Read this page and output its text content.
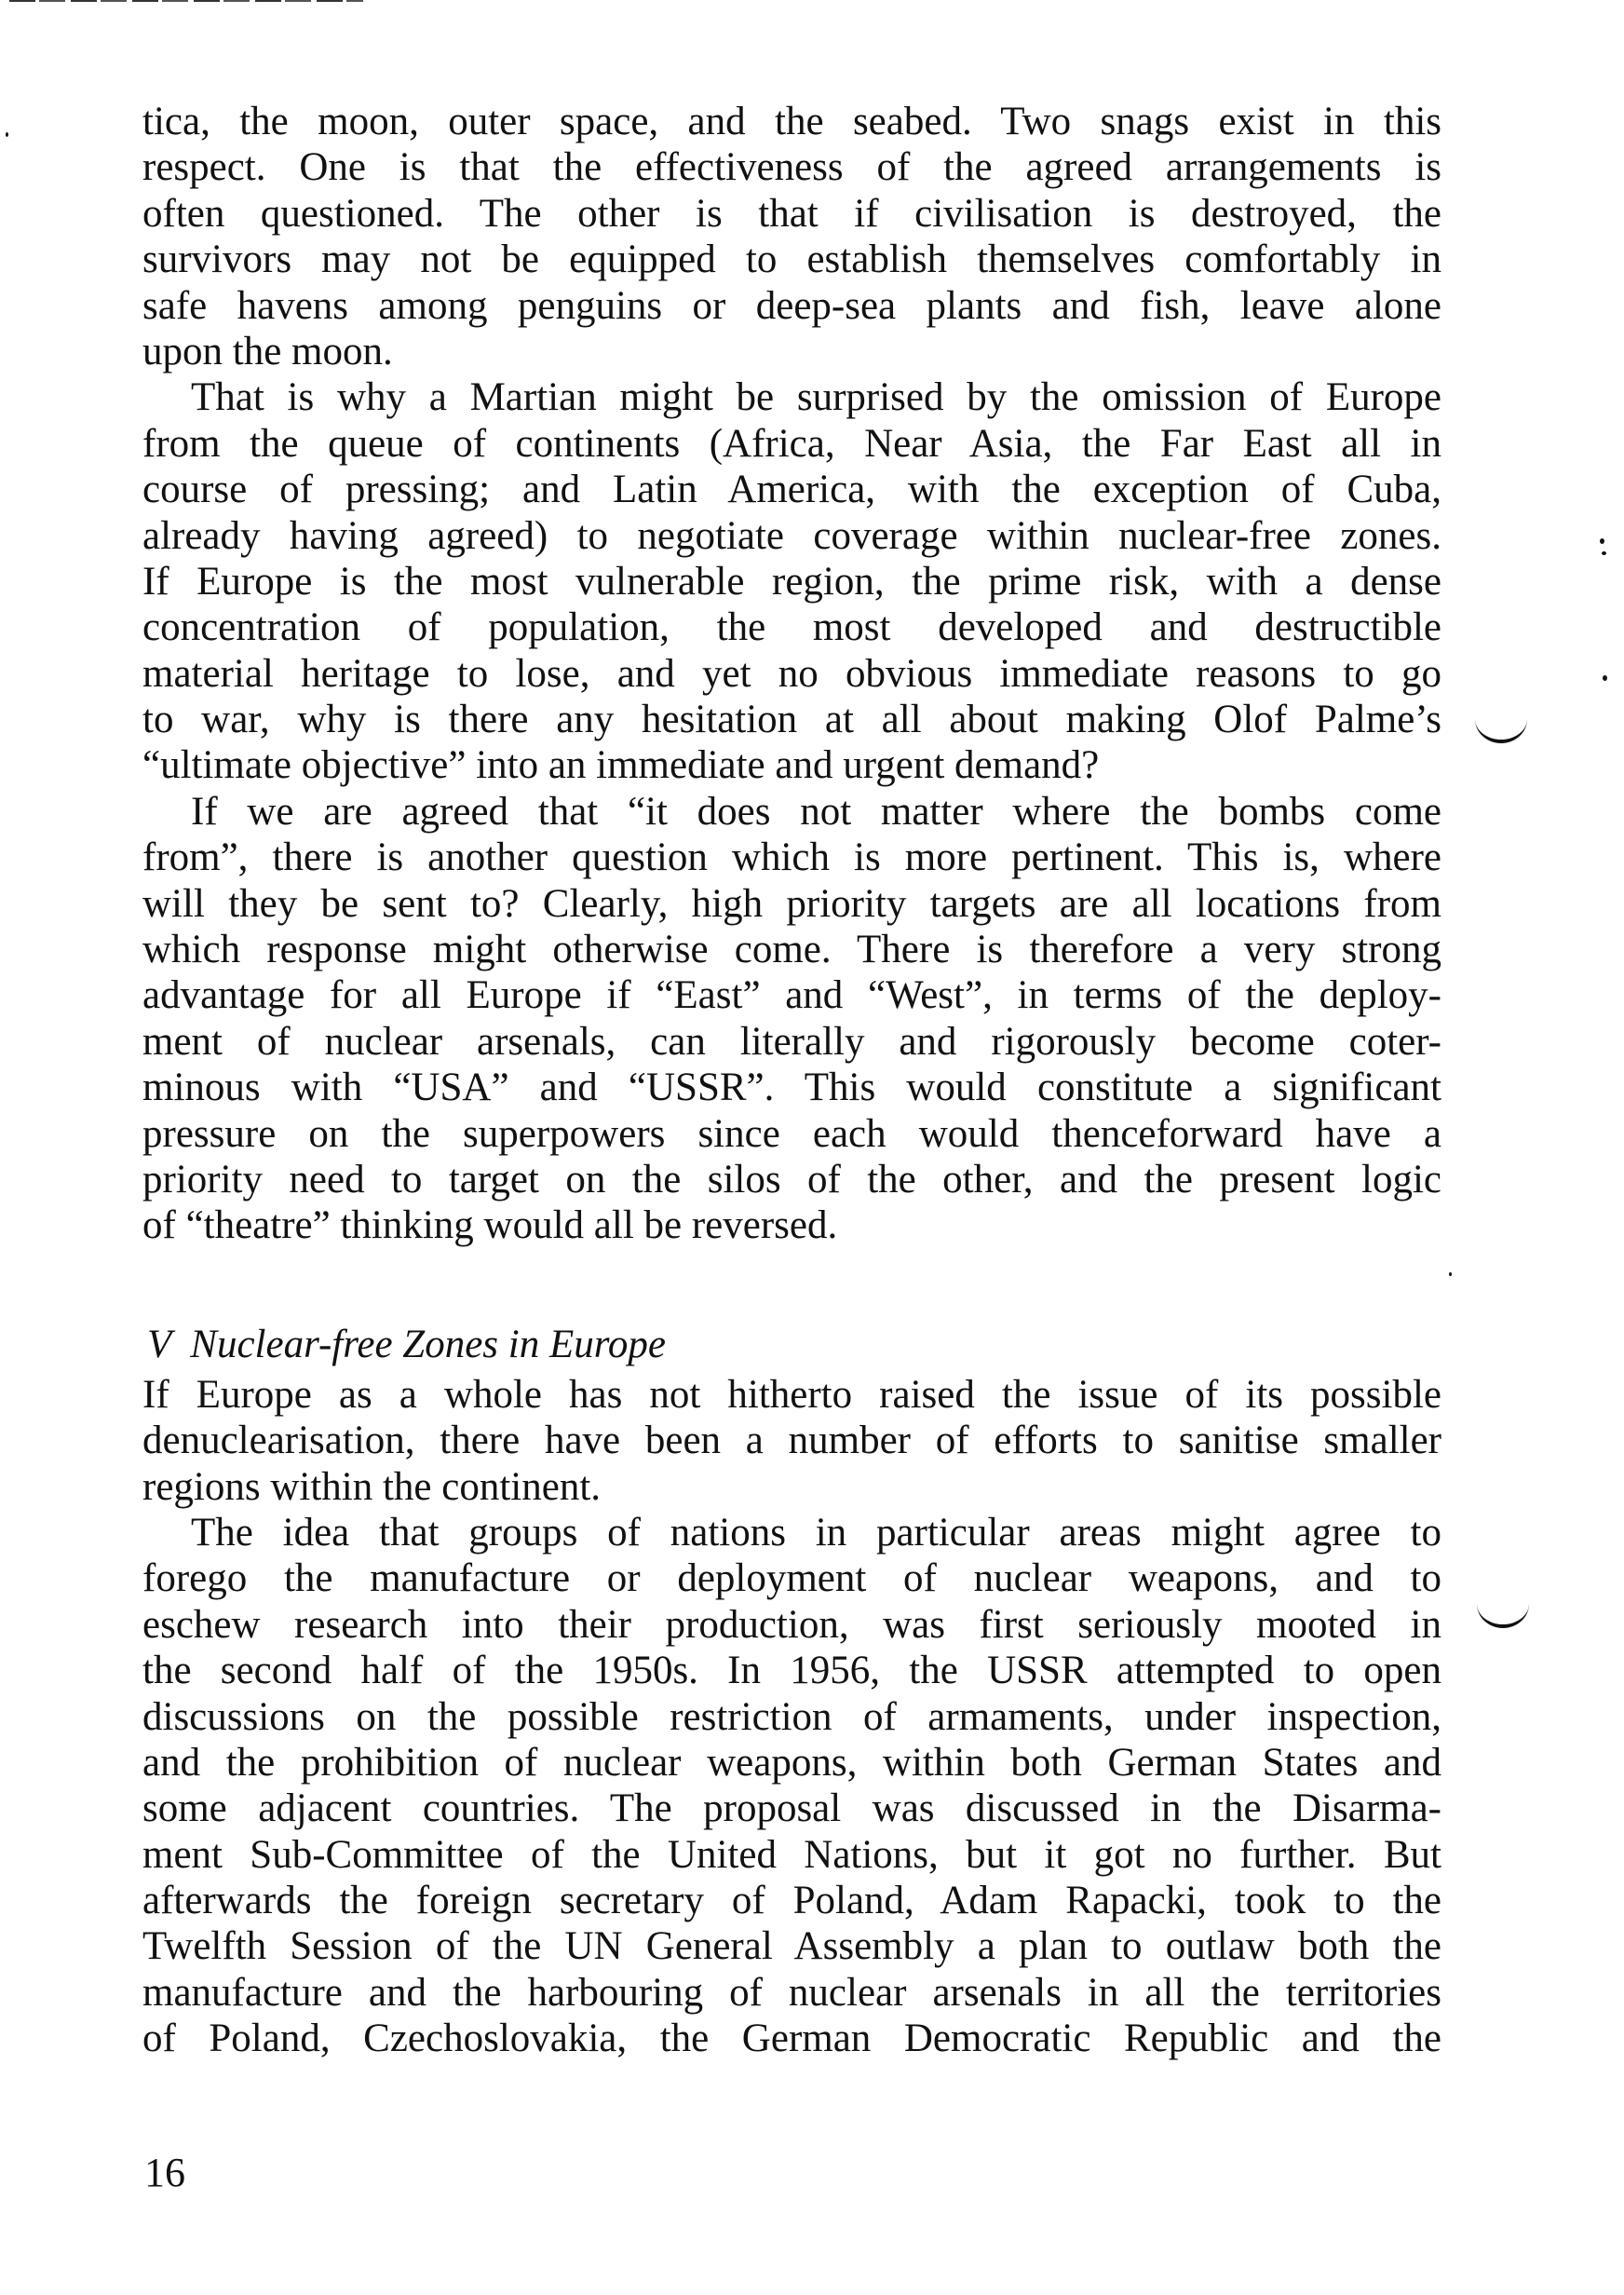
tica, the moon, outer space, and the seabed. Two snags exist in this
respect. One is that the effectiveness of the agreed arrangements is
often questioned. The other is that if civilisation is destroyed, the
survivors may not be equipped to establish themselves comfortably in
safe havens among penguins or deep-sea plants and fish, leave alone
upon the moon.
That is why a Martian might be surprised by the omission of Europe
from the queue of continents (Africa, Near Asia, the Far East all in
course of pressing; and Latin America, with the exception of Cuba,
already having agreed) to negotiate coverage within nuclear-free zones.
If Europe is the most vulnerable region, the prime risk, with a dense
concentration of population, the most developed and destructible
material heritage to lose, and yet no obvious immediate reasons to go
to war, why is there any hesitation at all about making Olof Palme’s
“ultimate objective” into an immediate and urgent demand?
If we are agreed that “it does not matter where the bombs come
from”, there is another question which is more pertinent. This is, where
will they be sent to? Clearly, high priority targets are all locations from
which response might otherwise come. There is therefore a very strong
advantage for all Europe if “East” and “West”, in terms of the deploy-
ment of nuclear arsenals, can literally and rigorously become coter-
minous with “USA” and “USSR”. This would constitute a significant
pressure on the superpowers since each would thenceforward have a
priority need to target on the silos of the other, and the present logic
of “theatre” thinking would all be reversed.
V Nuclear-free Zones in Europe
If Europe as a whole has not hitherto raised the issue of its possible
denuclearisation, there have been a number of efforts to sanitise smaller
regions within the continent.
The idea that groups of nations in particular areas might agree to
forego the manufacture or deployment of nuclear weapons, and to
eschew research into their production, was first seriously mooted in
the second half of the 1950s. In 1956, the USSR attempted to open
discussions on the possible restriction of armaments, under inspection,
and the prohibition of nuclear weapons, within both German States and
some adjacent countries. The proposal was discussed in the Disarma-
ment Sub-Committee of the United Nations, but it got no further. But
afterwards the foreign secretary of Poland, Adam Rapacki, took to the
Twelfth Session of the UN General Assembly a plan to outlaw both the
manufacture and the harbouring of nuclear arsenals in all the territories
of Poland, Czechoslovakia, the German Democratic Republic and the
16
